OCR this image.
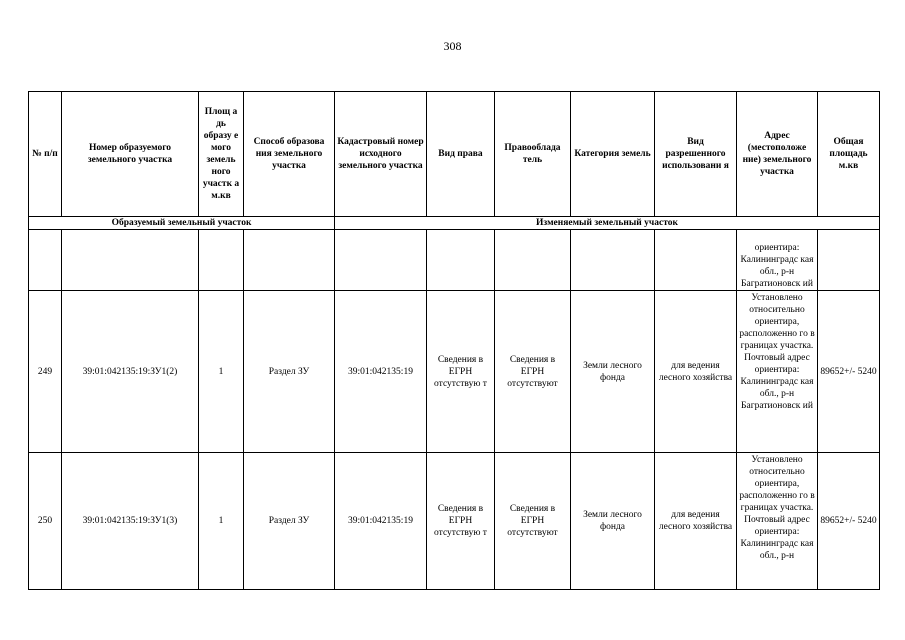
308
№ п/п	Номер образуемого земельного участка	Площ а дь образу е мого земель ного участк а м.кв	Способ образова ния земельного участка	Кадастровый номер исходного земельного участка	Вид права	Правооблада тель	Категория земель	Вид разрешенного использовани я	Адрес (местоположе ние) земельного участка	Общая площадь м.кв
Образуемый земельный участок				Изменяемый земельный участок						
									ориентира: Калининградс кая обл., р-н Багратионовск ий	
249	39:01:042135:19:ЗУ1(2)	1	Раздел ЗУ	39:01:042135:19	Сведения в ЕГРН отсутствую т	Сведения в ЕГРН отсутствуют	Земли лесного фонда	для ведения лесного хозяйства	Установлено относительно ориентира, расположенно го в границах участка. Почтовый адрес ориентира: Калининградс кая обл., р-н Багратионовск ий	89652+/- 5240
250	39:01:042135:19:ЗУ1(3)	1	Раздел ЗУ	39:01:042135:19	Сведения в ЕГРН отсутствую т	Сведения в ЕГРН отсутствуют	Земли лесного фонда	для ведения лесного хозяйства	Установлено относительно ориентира, расположенно го в границах участка. Почтовый адрес ориентира: Калининградс кая обл., р-н	89652+/- 5240
